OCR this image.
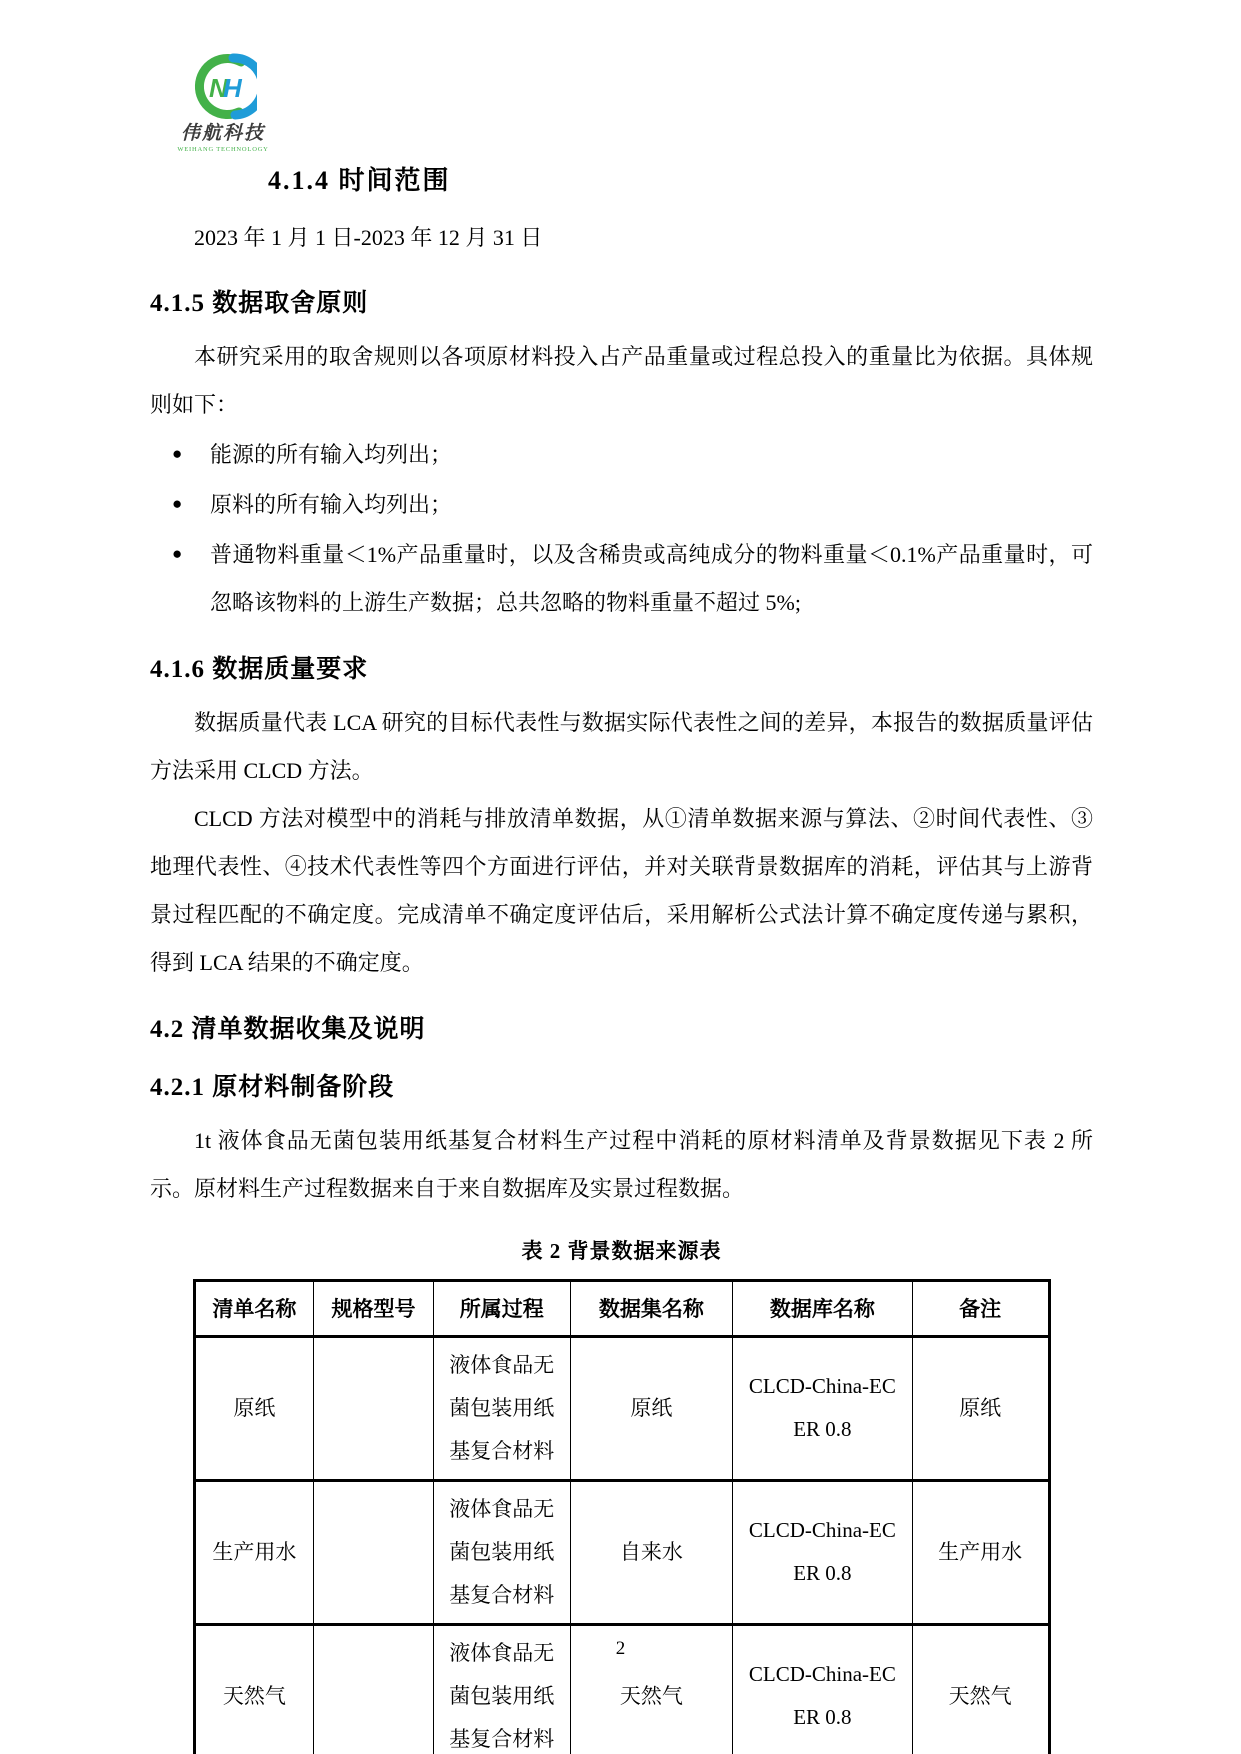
N
H
伟航科技
WEIHANG TECHNOLOGY
4.1.4 时间范围
2023 年 1 月 1 日-2023 年 12 月 31 日
4.1.5 数据取舍原则
本研究采用的取舍规则以各项原材料投入占产品重量或过程总投入的重量比为依据。具体规则如下：
● 能源的所有输入均列出；
● 原料的所有输入均列出；
● 普通物料重量＜1%产品重量时，以及含稀贵或高纯成分的物料重量＜0.1%产品重量时，可忽略该物料的上游生产数据；总共忽略的物料重量不超过 5%;
4.1.6 数据质量要求
数据质量代表 LCA 研究的目标代表性与数据实际代表性之间的差异，本报告的数据质量评估方法采用 CLCD 方法。
CLCD 方法对模型中的消耗与排放清单数据，从①清单数据来源与算法、②时间代表性、③地理代表性、④技术代表性等四个方面进行评估，并对关联背景数据库的消耗，评估其与上游背景过程匹配的不确定度。完成清单不确定度评估后，采用解析公式法计算不确定度传递与累积，得到 LCA 结果的不确定度。
4.2 清单数据收集及说明
4.2.1 原材料制备阶段
1t 液体食品无菌包装用纸基复合材料生产过程中消耗的原材料清单及背景数据见下表 2 所示。原材料生产过程数据来自于来自数据库及实景过程数据。
表 2 背景数据来源表
清单名称	规格型号	所属过程	数据集名称	数据库名称	备注
原纸		液体食品无菌包装用纸基复合材料	原纸	CLCD-China-ECER 0.8	原纸
生产用水		液体食品无菌包装用纸基复合材料	自来水	CLCD-China-ECER 0.8	生产用水
天然气		液体食品无菌包装用纸基复合材料	天然气	CLCD-China-ECER 0.8	天然气
2
